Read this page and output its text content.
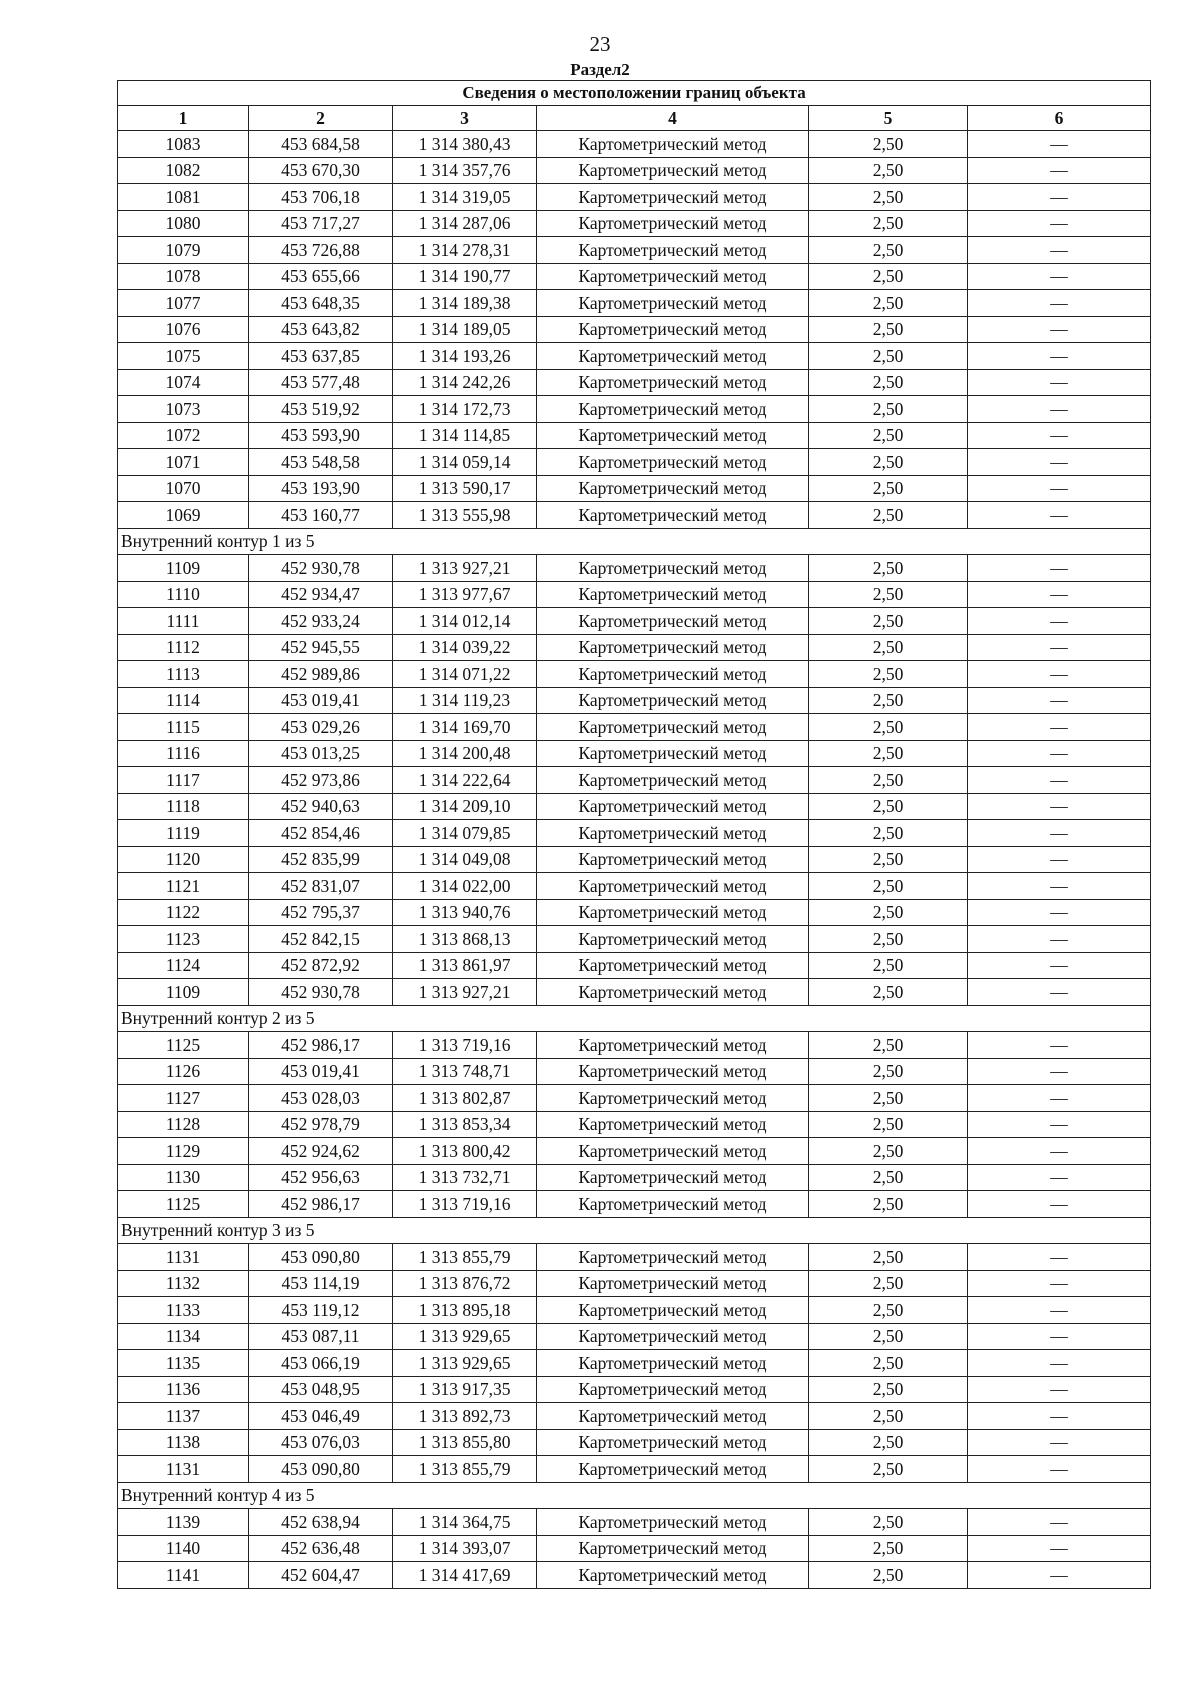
23
Раздел2
Сведения о местоположении границ объекта					
1	2	3	4	5	6
1083	453 684,58	1 314 380,43	Картометрический метод	2,50	—
1082	453 670,30	1 314 357,76	Картометрический метод	2,50	—
1081	453 706,18	1 314 319,05	Картометрический метод	2,50	—
1080	453 717,27	1 314 287,06	Картометрический метод	2,50	—
1079	453 726,88	1 314 278,31	Картометрический метод	2,50	—
1078	453 655,66	1 314 190,77	Картометрический метод	2,50	—
1077	453 648,35	1 314 189,38	Картометрический метод	2,50	—
1076	453 643,82	1 314 189,05	Картометрический метод	2,50	—
1075	453 637,85	1 314 193,26	Картометрический метод	2,50	—
1074	453 577,48	1 314 242,26	Картометрический метод	2,50	—
1073	453 519,92	1 314 172,73	Картометрический метод	2,50	—
1072	453 593,90	1 314 114,85	Картометрический метод	2,50	—
1071	453 548,58	1 314 059,14	Картометрический метод	2,50	—
1070	453 193,90	1 313 590,17	Картометрический метод	2,50	—
1069	453 160,77	1 313 555,98	Картометрический метод	2,50	—
Внутренний контур 1 из 5					
1109	452 930,78	1 313 927,21	Картометрический метод	2,50	—
1110	452 934,47	1 313 977,67	Картометрический метод	2,50	—
1111	452 933,24	1 314 012,14	Картометрический метод	2,50	—
1112	452 945,55	1 314 039,22	Картометрический метод	2,50	—
1113	452 989,86	1 314 071,22	Картометрический метод	2,50	—
1114	453 019,41	1 314 119,23	Картометрический метод	2,50	—
1115	453 029,26	1 314 169,70	Картометрический метод	2,50	—
1116	453 013,25	1 314 200,48	Картометрический метод	2,50	—
1117	452 973,86	1 314 222,64	Картометрический метод	2,50	—
1118	452 940,63	1 314 209,10	Картометрический метод	2,50	—
1119	452 854,46	1 314 079,85	Картометрический метод	2,50	—
1120	452 835,99	1 314 049,08	Картометрический метод	2,50	—
1121	452 831,07	1 314 022,00	Картометрический метод	2,50	—
1122	452 795,37	1 313 940,76	Картометрический метод	2,50	—
1123	452 842,15	1 313 868,13	Картометрический метод	2,50	—
1124	452 872,92	1 313 861,97	Картометрический метод	2,50	—
1109	452 930,78	1 313 927,21	Картометрический метод	2,50	—
Внутренний контур 2 из 5					
1125	452 986,17	1 313 719,16	Картометрический метод	2,50	—
1126	453 019,41	1 313 748,71	Картометрический метод	2,50	—
1127	453 028,03	1 313 802,87	Картометрический метод	2,50	—
1128	452 978,79	1 313 853,34	Картометрический метод	2,50	—
1129	452 924,62	1 313 800,42	Картометрический метод	2,50	—
1130	452 956,63	1 313 732,71	Картометрический метод	2,50	—
1125	452 986,17	1 313 719,16	Картометрический метод	2,50	—
Внутренний контур 3 из 5					
1131	453 090,80	1 313 855,79	Картометрический метод	2,50	—
1132	453 114,19	1 313 876,72	Картометрический метод	2,50	—
1133	453 119,12	1 313 895,18	Картометрический метод	2,50	—
1134	453 087,11	1 313 929,65	Картометрический метод	2,50	—
1135	453 066,19	1 313 929,65	Картометрический метод	2,50	—
1136	453 048,95	1 313 917,35	Картометрический метод	2,50	—
1137	453 046,49	1 313 892,73	Картометрический метод	2,50	—
1138	453 076,03	1 313 855,80	Картометрический метод	2,50	—
1131	453 090,80	1 313 855,79	Картометрический метод	2,50	—
Внутренний контур 4 из 5					
1139	452 638,94	1 314 364,75	Картометрический метод	2,50	—
1140	452 636,48	1 314 393,07	Картометрический метод	2,50	—
1141	452 604,47	1 314 417,69	Картометрический метод	2,50	—
